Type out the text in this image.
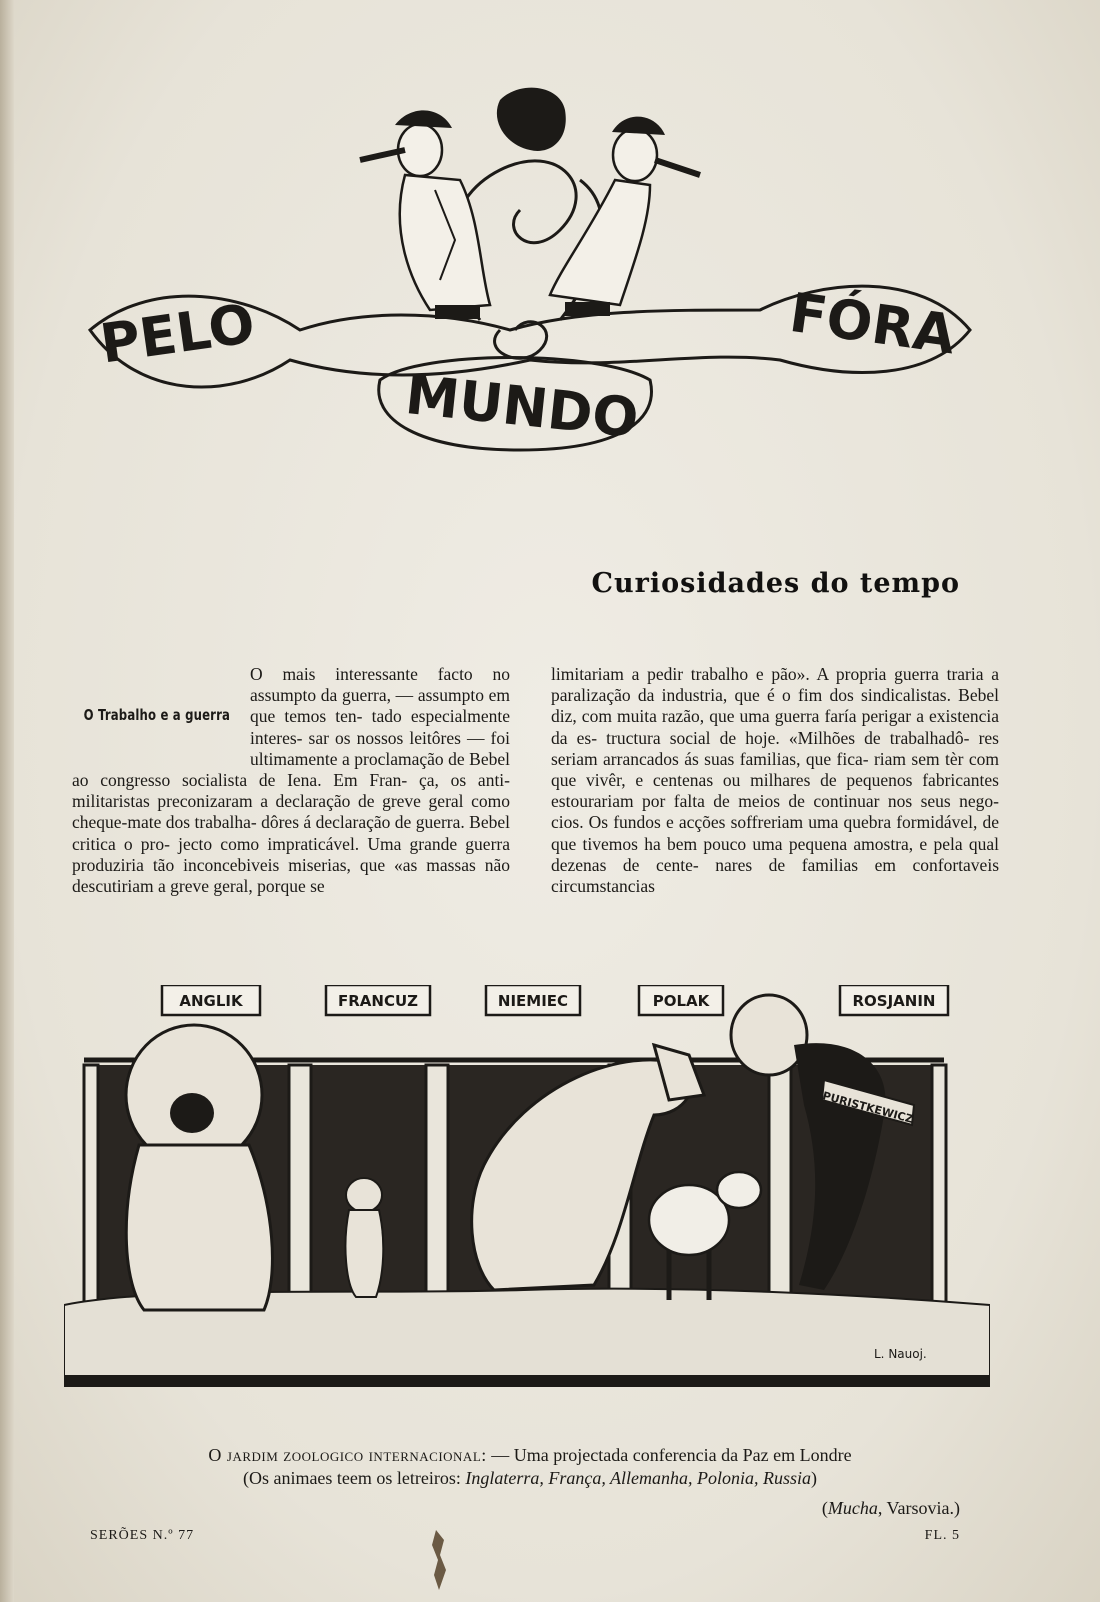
PELO
MUNDO
FÓRA
Curiosidades do tempo
O Trabalho e a guerra

O mais interessante facto no assumpto da guerra, — assumpto em que temos ten- tado especialmente interes- sar os nossos leitôres — foi ultimamente a proclamação de Bebel ao congresso socialista de Iena. Em Fran- ça, os anti-militaristas preconizaram a declaração de greve geral como cheque-mate dos trabalha- dôres á declaração de guerra. Bebel critica o pro- jecto como impraticável. Uma grande guerra produziria tão inconcebiveis miserias, que «as massas não descutiriam a greve geral, porque se

limitariam a pedir trabalho e pão». A propria guerra traria a paralização da industria, que é o fim dos sindicalistas. Bebel diz, com muita razão, que uma guerra faría perigar a existencia da es- tructura social de hoje. «Milhões de trabalhadô- res seriam arrancados ás suas familias, que fica- riam sem tèr com que vivêr, e centenas ou milhares de pequenos fabricantes estourariam por falta de meios de continuar nos seus nego- cios. Os fundos e acções soffreriam uma quebra formidável, de que tivemos ha bem pouco uma pequena amostra, e pela qual dezenas de cente- nares de familias em confortaveis circumstancias

PURISTKEWICZ
ANGLIK	FRANCUZ	NIEMIEC	POLAK	ROSJANIN
L. Nauoj.
O jardim zoologico internacional: — Uma projectada conferencia da Paz em Londre
(Os animaes teem os letreiros: Inglaterra, França, Allemanha, Polonia, Russia)
(Mucha, Varsovia.)
SERÕES N.º 77	FL. 5
